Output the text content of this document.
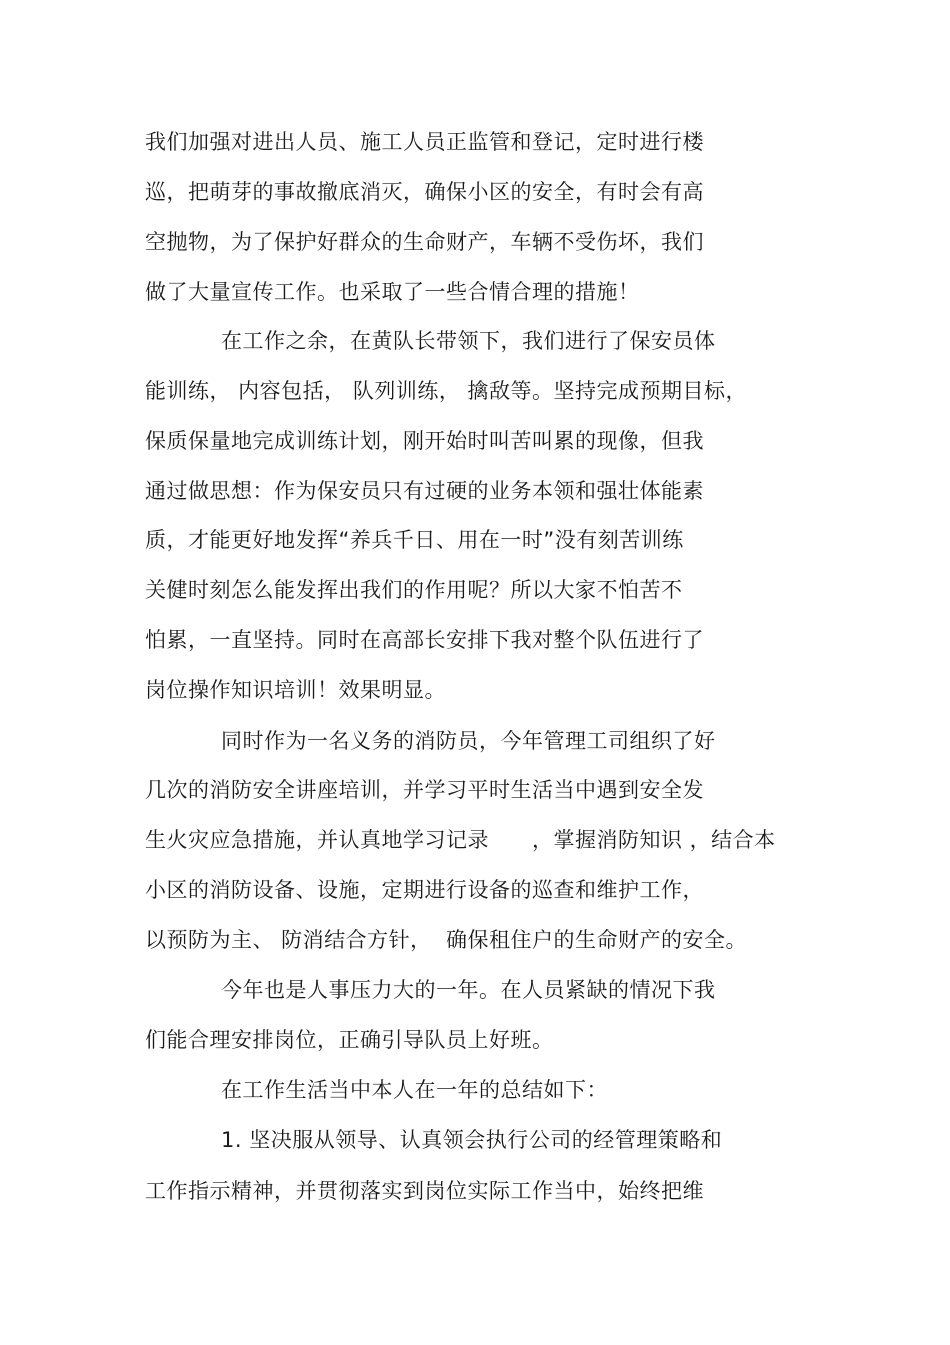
我们加强对进出人员、施工人员正监管和登记，定时进行楼
巡，把萌芽的事故撤底消灭，确保小区的安全，有时会有高
空抛物，为了保护好群众的生命财产，车辆不受伤坏，我们
做了大量宣传工作。也采取了一些合情合理的措施！
在工作之余，在黄队长带领下，我们进行了保安员体
能训练， 内容包括， 队列训练， 擒敌等。坚持完成预期目标，
保质保量地完成训练计划，刚开始时叫苦叫累的现像，但我
通过做思想：作为保安员只有过硬的业务本领和强壮体能素
质，才能更好地发挥“养兵千日、用在一时”没有刻苦训练
关健时刻怎么能发挥出我们的作用呢？所以大家不怕苦不
怕累，一直坚持。同时在高部长安排下我对整个队伍进行了
岗位操作知识培训！效果明显。
同时作为一名义务的消防员，今年管理工司组织了好
几次的消防安全讲座培训，并学习平时生活当中遇到安全发
生火灾应急措施，并认真地学习记录　　，掌握消防知识 ，结合本
小区的消防设备、设施，定期进行设备的巡查和维护工作，
以预防为主、 防消结合方针，  确保租住户的生命财产的安全。
今年也是人事压力大的一年。在人员紧缺的情况下我
们能合理安排岗位，正确引导队员上好班。
在工作生活当中本人在一年的总结如下：
1. 坚决服从领导、认真领会执行公司的经管理策略和
工作指示精神，并贯彻落实到岗位实际工作当中，始终把维
